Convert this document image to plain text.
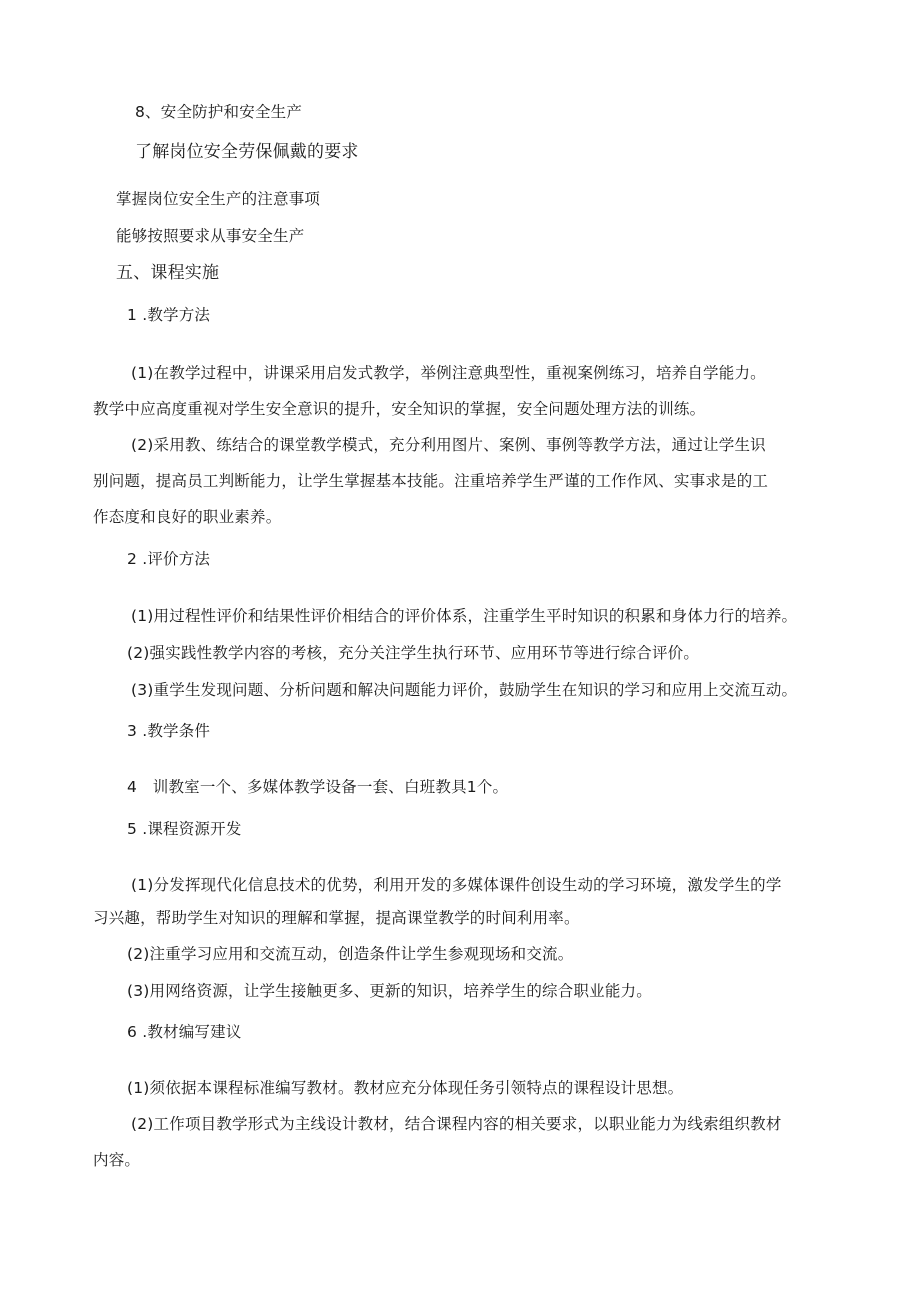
8、安全防护和安全生产
了解岗位安全劳保佩戴的要求
掌握岗位安全生产的注意事项
能够按照要求从事安全生产
五、课程实施
1 .教学方法
(1)在教学过程中，讲课采用启发式教学，举例注意典型性，重视案例练习，培养自学能力。
教学中应高度重视对学生安全意识的提升，安全知识的掌握，安全问题处理方法的训练。
(2)采用教、练结合的课堂教学模式，充分利用图片、案例、事例等教学方法，通过让学生识
别问题，提高员工判断能力，让学生掌握基本技能。注重培养学生严谨的工作作风、实事求是的工
作态度和良好的职业素养。
2 .评价方法
(1)用过程性评价和结果性评价相结合的评价体系，注重学生平时知识的积累和身体力行的培养。
(2)强实践性教学内容的考核，充分关注学生执行环节、应用环节等进行综合评价。
(3)重学生发现问题、分析问题和解决问题能力评价，鼓励学生在知识的学习和应用上交流互动。
3 .教学条件
4　训教室一个、多媒体教学设备一套、白班教具1个。
5 .课程资源开发
(1)分发挥现代化信息技术的优势，利用开发的多媒体课件创设生动的学习环境，激发学生的学
习兴趣，帮助学生对知识的理解和掌握，提高课堂教学的时间利用率。
(2)注重学习应用和交流互动，创造条件让学生参观现场和交流。
(3)用网络资源，让学生接触更多、更新的知识，培养学生的综合职业能力。
6 .教材编写建议
(1)须依据本课程标准编写教材。教材应充分体现任务引领特点的课程设计思想。
(2)工作项目教学形式为主线设计教材，结合课程内容的相关要求，以职业能力为线索组织教材
内容。
